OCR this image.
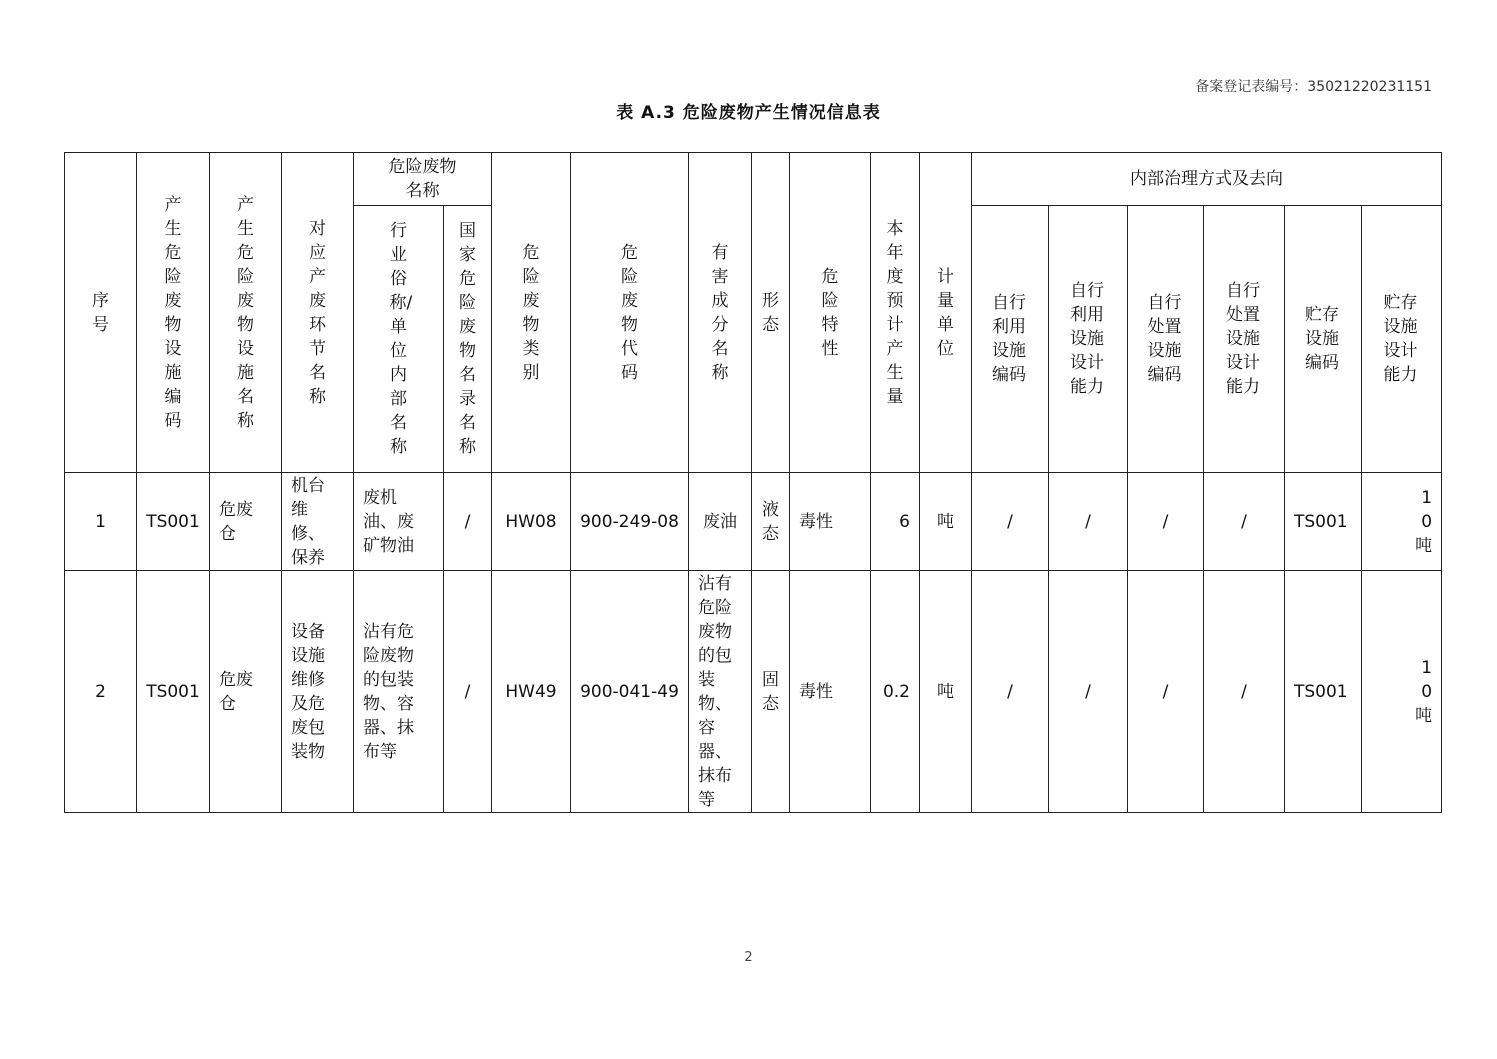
备案登记表编号：35021220231151
表 A.3 危险废物产生情况信息表
序号	产生危险废物设施编码	产生危险废物设施名称	对应产废环节名称	危险废物名称		危险废物类别	危险废物代码	有害成分名称	形态	危险特性	本年度预计产生量	计量单位	内部治理方式及去向					
				行业俗称/单位内部名称	国家危险废物名录名称								自行利用设施编码	自行利用设施设计能力	自行处置设施编码	自行处置设施设计能力	贮存设施编码	贮存设施设计能力
1	TS001	危废仓	机台维修、保养	废机油、废矿物油	/	HW08	900-249-08	废油	液态	毒性	6	吨	/	/	/	/	TS001	10吨
2	TS001	危废仓	设备设施维修及危废包装物	沾有危险废物的包装物、容器、抹布等	/	HW49	900-041-49	沾有危险废物的包装物、容器、抹布等	固态	毒性	0.2	吨	/	/	/	/	TS001	10吨
2
